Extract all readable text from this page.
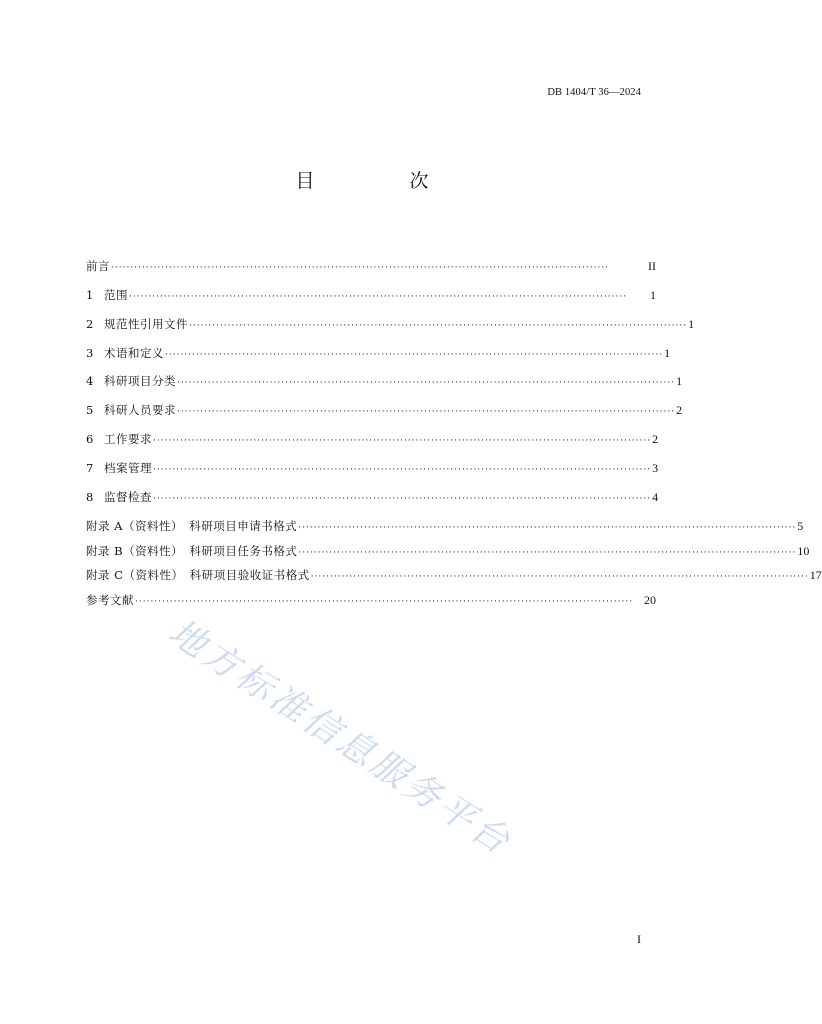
DB 1404/T 36—2024
目　次
前言 ·································································································································	II
1 范围 ·································································································································	1
2 规范性引用文件 ································································································································· 1
3 术语和定义 ································································································································· 1
4 科研项目分类 ································································································································· 1
5 科研人员要求 ································································································································· 2
6 工作要求 ································································································································· 2
7 档案管理 ································································································································· 3
8 监督检查 ································································································································· 4
附录 A（资料性）　科研项目申请书格式 ································································································································· 5
附录 B（资料性）　科研项目任务书格式 ································································································································· 10
附录 C（资料性）　科研项目验收证书格式 ································································································································· 17
参考文献 ································································································································· 20
地方标准信息服务平台
I
